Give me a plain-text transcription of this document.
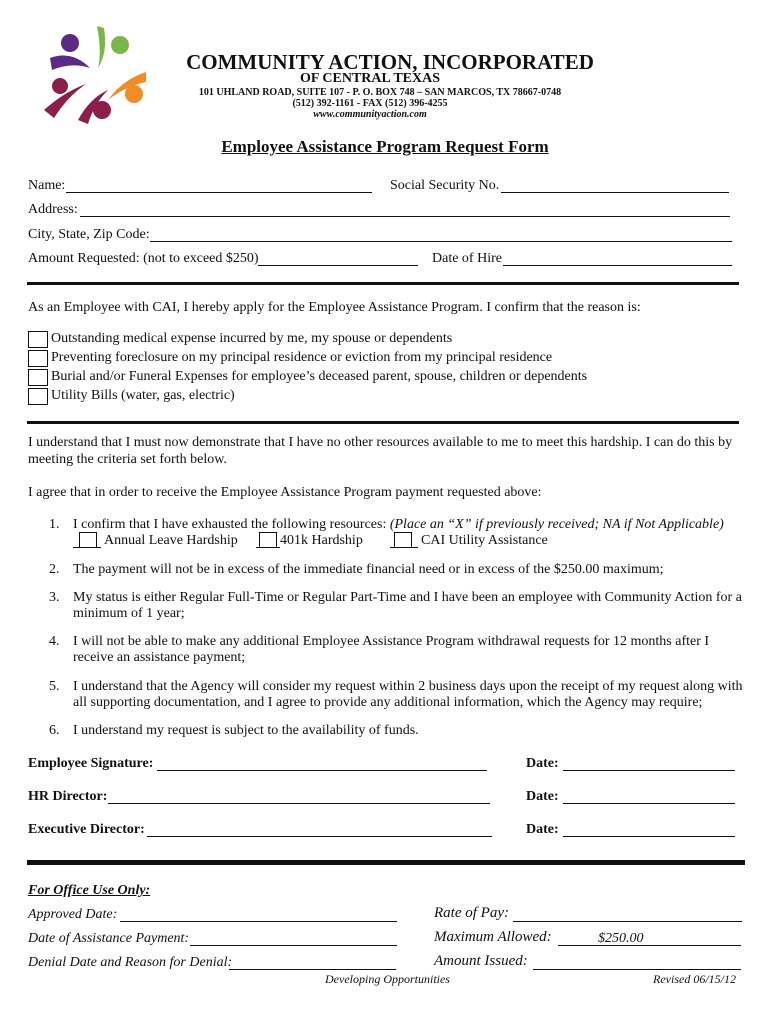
COMMUNITY ACTION, INCORPORATED
OF CENTRAL TEXAS
101 UHLAND ROAD, SUITE 107 - P. O. BOX 748 – SAN MARCOS, TX 78667-0748
(512) 392-1161 - FAX (512) 396-4255
www.communityaction.com
Employee Assistance Program Request Form
Name:	Social Security No.
Address:
City, State, Zip Code:
Amount Requested: (not to exceed $250)	Date of Hire
As an Employee with CAI, I hereby apply for the Employee Assistance Program. I confirm that the reason is:
Outstanding medical expense incurred by me, my spouse or dependents
Preventing foreclosure on my principal residence or eviction from my principal residence
Burial and/or Funeral Expenses for employee’s deceased parent, spouse, children or dependents
Utility Bills (water, gas, electric)
I understand that I must now demonstrate that I have no other resources available to me to meet this hardship. I can do this by
meeting the criteria set forth below.
I agree that in order to receive the Employee Assistance Program payment requested above:
1. I confirm that I have exhausted the following resources: (Place an “X” if previously received; NA if Not Applicable)
Annual Leave Hardship	401k Hardship	CAI Utility Assistance
2. The payment will not be in excess of the immediate financial need or in excess of the $250.00 maximum;
3. My status is either Regular Full-Time or Regular Part-Time and I have been an employee with Community Action for a
minimum of 1 year;
4. I will not be able to make any additional Employee Assistance Program withdrawal requests for 12 months after I
receive an assistance payment;
5. I understand that the Agency will consider my request within 2 business days upon the receipt of my request along with
all supporting documentation, and I agree to provide any additional information, which the Agency may require;
6. I understand my request is subject to the availability of funds.
Employee Signature:	Date:
HR Director:	Date:
Executive Director:	Date:
For Office Use Only:
Approved Date:	Rate of Pay:
Date of Assistance Payment:	Maximum Allowed:	$250.00
Denial Date and Reason for Denial:	Amount Issued:
Developing Opportunities	Revised 06/15/12
